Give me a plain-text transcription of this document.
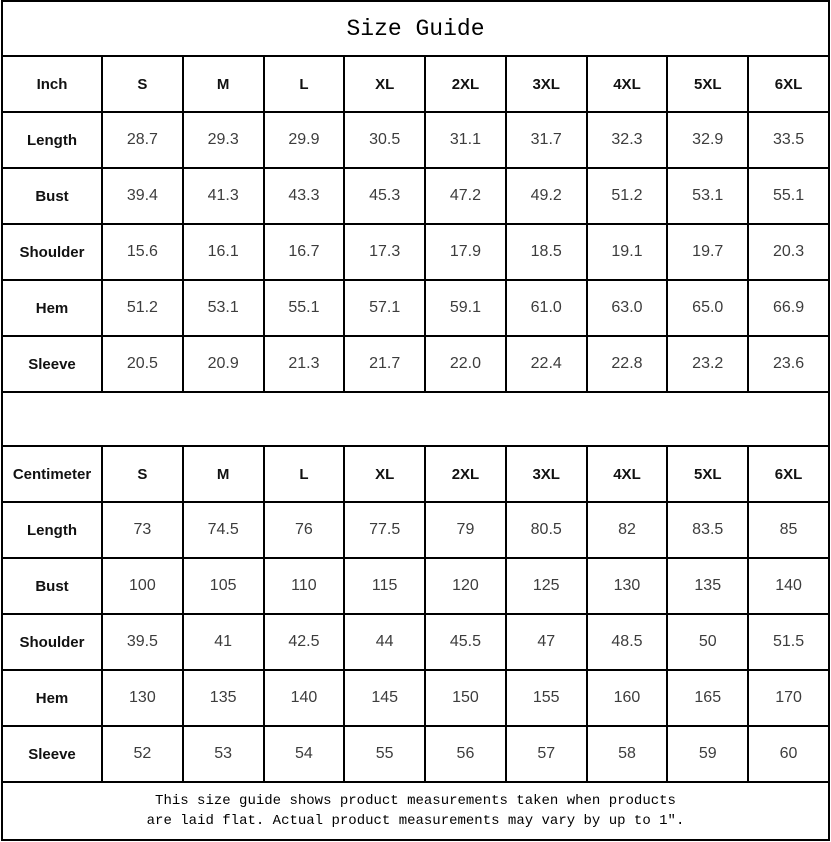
Size Guide									
Inch	S	M	L	XL	2XL	3XL	4XL	5XL	6XL
Length	28.7	29.3	29.9	30.5	31.1	31.7	32.3	32.9	33.5
Bust	39.4	41.3	43.3	45.3	47.2	49.2	51.2	53.1	55.1
Shoulder	15.6	16.1	16.7	17.3	17.9	18.5	19.1	19.7	20.3
Hem	51.2	53.1	55.1	57.1	59.1	61.0	63.0	65.0	66.9
Sleeve	20.5	20.9	21.3	21.7	22.0	22.4	22.8	23.2	23.6

Centimeter	S	M	L	XL	2XL	3XL	4XL	5XL	6XL
Length	73	74.5	76	77.5	79	80.5	82	83.5	85
Bust	100	105	110	115	120	125	130	135	140
Shoulder	39.5	41	42.5	44	45.5	47	48.5	50	51.5
Hem	130	135	140	145	150	155	160	165	170
Sleeve	52	53	54	55	56	57	58	59	60

This size guide shows product measurements taken when products
are laid flat. Actual product measurements may vary by up to 1″.									
